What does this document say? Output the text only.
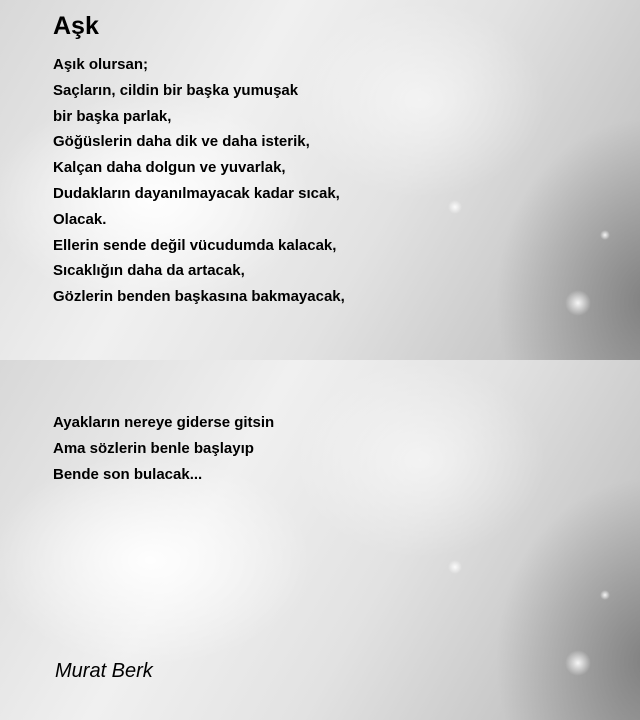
Aşk
Aşık olursan;
Saçların, cildin bir başka yumuşak
bir başka parlak,
Göğüslerin daha dik ve daha isterik,
Kalçan daha dolgun ve yuvarlak,
Dudakların dayanılmayacak kadar sıcak,
Olacak.
Ellerin sende değil vücudumda kalacak,
Sıcaklığın daha da artacak,
Gözlerin benden başkasına bakmayacak,
Ayakların nereye giderse gitsin
Ama sözlerin benle başlayıp
Bende son bulacak...

Murat Berk
